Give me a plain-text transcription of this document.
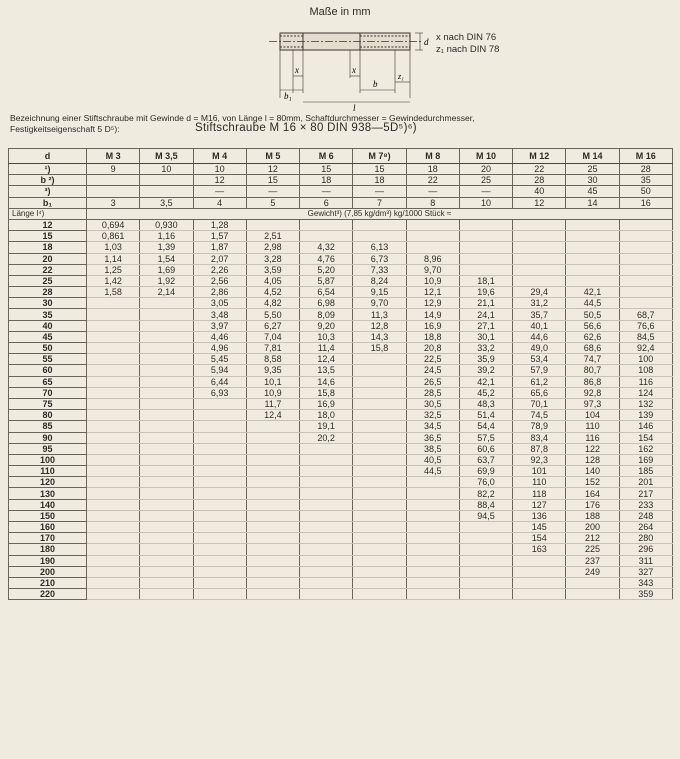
Maße in mm
x	x
b₁
b
z₁
l
d x nach DIN 76
z₁ nach DIN 78
Bezeichnung einer Stiftschraube mit Gewinde d = M16, von Länge l = 80mm, Schaftdurchmesser = Gewindedurchmesser,
Festigkeitseigenschaft 5 D⁵):	Stiftschraube M 16 × 80 DIN 938—5D⁵)⁶)
d	M 3	M 3,5	M 4	M 5	M 6	M 7⁸)	M 8	M 10	M 12	M 14	M 16
¹)	9	10	10	12	15	15	18	20	22	25	28
b ²)			12	15	18	18	22	25	28	30	35
³)			—	—	—	—	—	—	40	45	50
b₁	3	3,5	4	5	6	7	8	10	12	14	16
Länge l⁴)	Gewicht³) (7,85 kg/dm³) kg/1000 Stück ≈										
12	0,694	0,930	1,28								
15	0,861	1,16	1,57	2,51							
18	1,03	1,39	1,87	2,98	4,32	6,13					
20	1,14	1,54	2,07	3,28	4,76	6,73	8,96				
22	1,25	1,69	2,26	3,59	5,20	7,33	9,70				
25	1,42	1,92	2,56	4,05	5,87	8,24	10,9	18,1			
28	1,58	2,14	2,86	4,52	6,54	9,15	12,1	19,6	29,4	42,1	
30			3,05	4,82	6,98	9,70	12,9	21,1	31,2	44,5	
35			3,48	5,50	8,09	11,3	14,9	24,1	35,7	50,5	68,7
40			3,97	6,27	9,20	12,8	16,9	27,1	40,1	56,6	76,6
45			4,46	7,04	10,3	14,3	18,8	30,1	44,6	62,6	84,5
50			4,96	7,81	11,4	15,8	20,8	33,2	49,0	68,6	92,4
55			5,45	8,58	12,4		22,5	35,9	53,4	74,7	100
60			5,94	9,35	13,5		24,5	39,2	57,9	80,7	108
65			6,44	10,1	14,6		26,5	42,1	61,2	86,8	116
70			6,93	10,9	15,8		28,5	45,2	65,6	92,8	124
75				11,7	16,9		30,5	48,3	70,1	97,3	132
80				12,4	18,0		32,5	51,4	74,5	104	139
85					19,1		34,5	54,4	78,9	110	146
90					20,2		36,5	57,5	83,4	116	154
95							38,5	60,6	87,8	122	162
100							40,5	63,7	92,3	128	169
110							44,5	69,9	101	140	185
120								76,0	110	152	201
130								82,2	118	164	217
140								88,4	127	176	233
150								94,5	136	188	248
160									145	200	264
170									154	212	280
180									163	225	296
190										237	311
200										249	327
210											343
220											359
